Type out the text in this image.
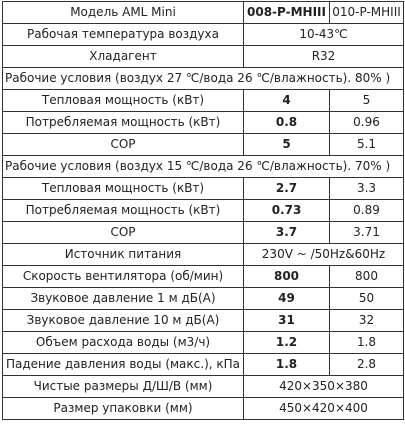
Модель AML Mini	008-P-MHIII	010-P-MHIII
Рабочая температура воздуха	10-43℃	
Хладагент	R32	
Рабочие условия (воздух 27 ℃/вода 26 ℃/влажность). 80% )		
Тепловая мощность (кВт)	4	5
Потребляемая мощность (кВт)	0.8	0.96
COP	5	5.1
Рабочие условия (воздух 15 ℃/вода 26 ℃/влажность). 70% )		
Тепловая мощность (кВт)	2.7	3.3
Потребляемая мощность (кВт)	0.73	0.89
COP	3.7	3.71
Источник питания	230V ~ /50Hz&60Hz	
Скорость вентилятора (об/мин)	800	800
Звуковое давление 1 м дБ(A)	49	50
Звуковое давление 10 м дБ(A)	31	32
Объем расхода воды (м3/ч)	1.2	1.8
Падение давления воды (макс.), кПа	1.8	2.8
Чистые размеры Д/Ш/В (мм)	420×350×380	
Размер упаковки (мм)	450×420×400	
